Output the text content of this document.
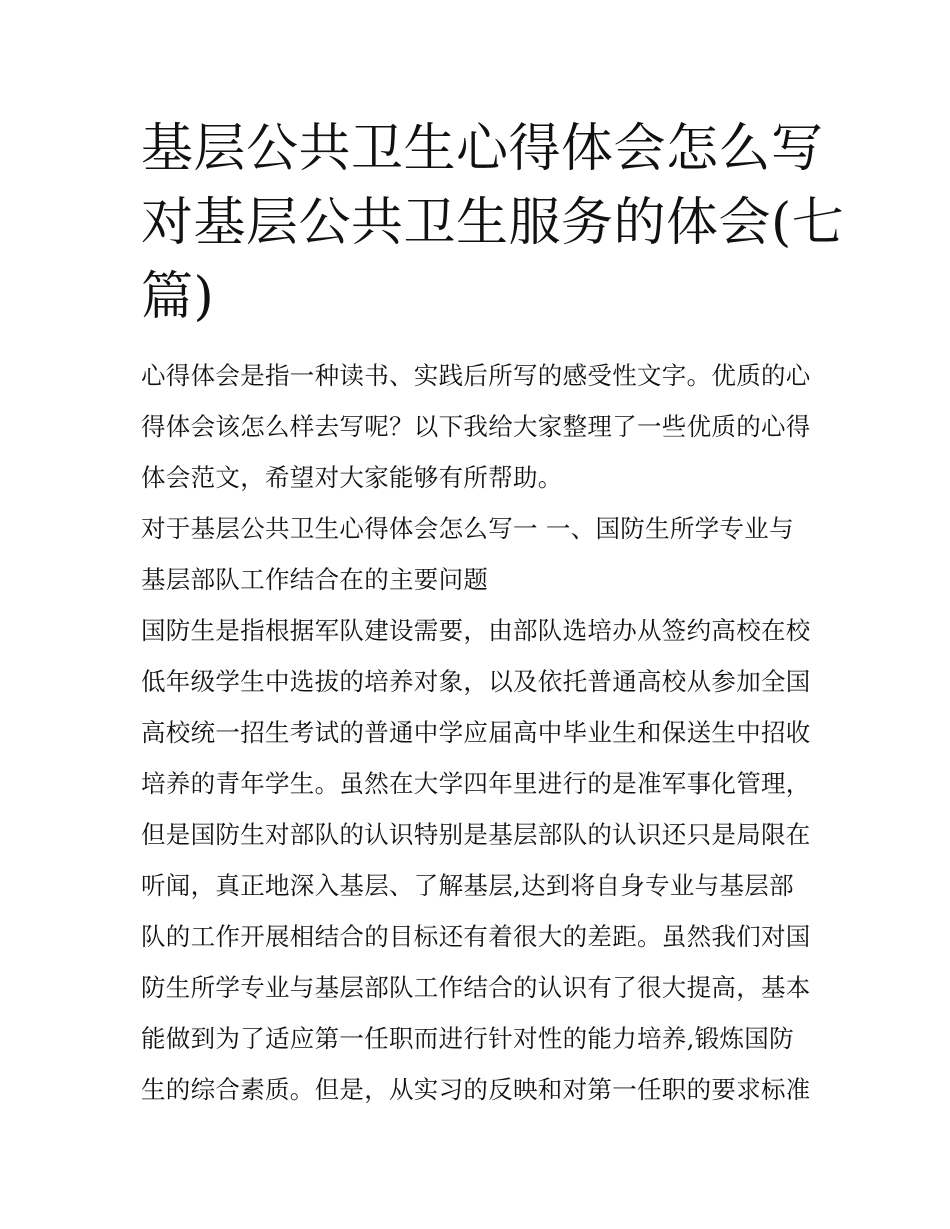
基层公共卫生心得体会怎么写
对基层公共卫生服务的体会(七
篇)
心得体会是指一种读书、实践后所写的感受性文字。优质的心
得体会该怎么样去写呢？以下我给大家整理了一些优质的心得
体会范文，希望对大家能够有所帮助。
对于基层公共卫生心得体会怎么写一 一、国防生所学专业与
基层部队工作结合在的主要问题
国防生是指根据军队建设需要，由部队选培办从签约高校在校
低年级学生中选拔的培养对象，以及依托普通高校从参加全国
高校统一招生考试的普通中学应届高中毕业生和保送生中招收
培养的青年学生。虽然在大学四年里进行的是准军事化管理，
但是国防生对部队的认识特别是基层部队的认识还只是局限在
听闻，真正地深入基层、了解基层,达到将自身专业与基层部
队的工作开展相结合的目标还有着很大的差距。虽然我们对国
防生所学专业与基层部队工作结合的认识有了很大提高，基本
能做到为了适应第一任职而进行针对性的能力培养,锻炼国防
生的综合素质。但是，从实习的反映和对第一任职的要求标准
